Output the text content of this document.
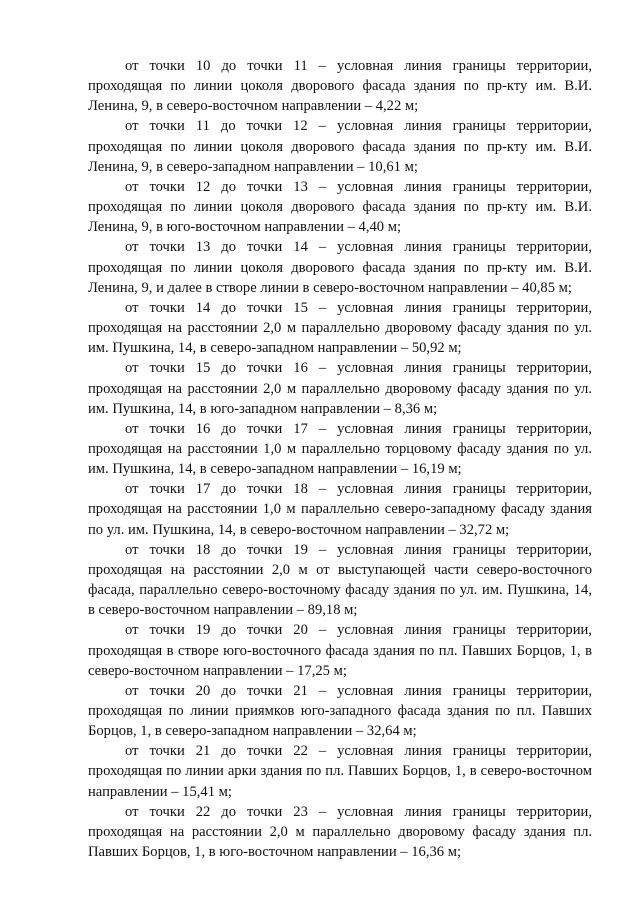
от точки 10 до точки 11 – условная линия границы территории, проходящая по линии цоколя дворового фасада здания по пр-кту им. В.И. Ленина, 9, в северо-восточном направлении – 4,22 м;

от точки 11 до точки 12 – условная линия границы территории, проходящая по линии цоколя дворового фасада здания по пр-кту им. В.И. Ленина, 9, в северо-западном направлении – 10,61 м;

от точки 12 до точки 13 – условная линия границы территории, проходящая по линии цоколя дворового фасада здания по пр-кту им. В.И. Ленина, 9, в юго-восточном направлении – 4,40 м;

от точки 13 до точки 14 – условная линия границы территории, проходящая по линии цоколя дворового фасада здания по пр-кту им. В.И. Ленина, 9, и далее в створе линии в северо-восточном направлении – 40,85 м;

от точки 14 до точки 15 – условная линия границы территории, проходящая на расстоянии 2,0 м параллельно дворовому фасаду здания по ул. им. Пушкина, 14, в северо-западном направлении – 50,92 м;

от точки 15 до точки 16 – условная линия границы территории, проходящая на расстоянии 2,0 м параллельно дворовому фасаду здания по ул. им. Пушкина, 14, в юго-западном направлении – 8,36 м;

от точки 16 до точки 17 – условная линия границы территории, проходящая на расстоянии 1,0 м параллельно торцовому фасаду здания по ул. им. Пушкина, 14, в северо-западном направлении – 16,19 м;

от точки 17 до точки 18 – условная линия границы территории, проходящая на расстоянии 1,0 м параллельно северо-западному фасаду здания по ул. им. Пушкина, 14, в северо-восточном направлении – 32,72 м;

от точки 18 до точки 19 – условная линия границы территории, проходящая на расстоянии 2,0 м от выступающей части северо-восточного фасада, параллельно северо-восточному фасаду здания по ул. им. Пушкина, 14, в северо-восточном направлении – 89,18 м;

от точки 19 до точки 20 – условная линия границы территории, проходящая в створе юго-восточного фасада здания по пл. Павших Борцов, 1, в северо-восточном направлении – 17,25 м;

от точки 20 до точки 21 – условная линия границы территории, проходящая по линии приямков юго-западного фасада здания по пл. Павших Борцов, 1, в северо-западном направлении – 32,64 м;

от точки 21 до точки 22 – условная линия границы территории, проходящая по линии арки здания по пл. Павших Борцов, 1, в северо-восточном направлении – 15,41 м;

от точки 22 до точки 23 – условная линия границы территории, проходящая на расстоянии 2,0 м параллельно дворовому фасаду здания пл. Павших Борцов, 1, в юго-восточном направлении – 16,36 м;
